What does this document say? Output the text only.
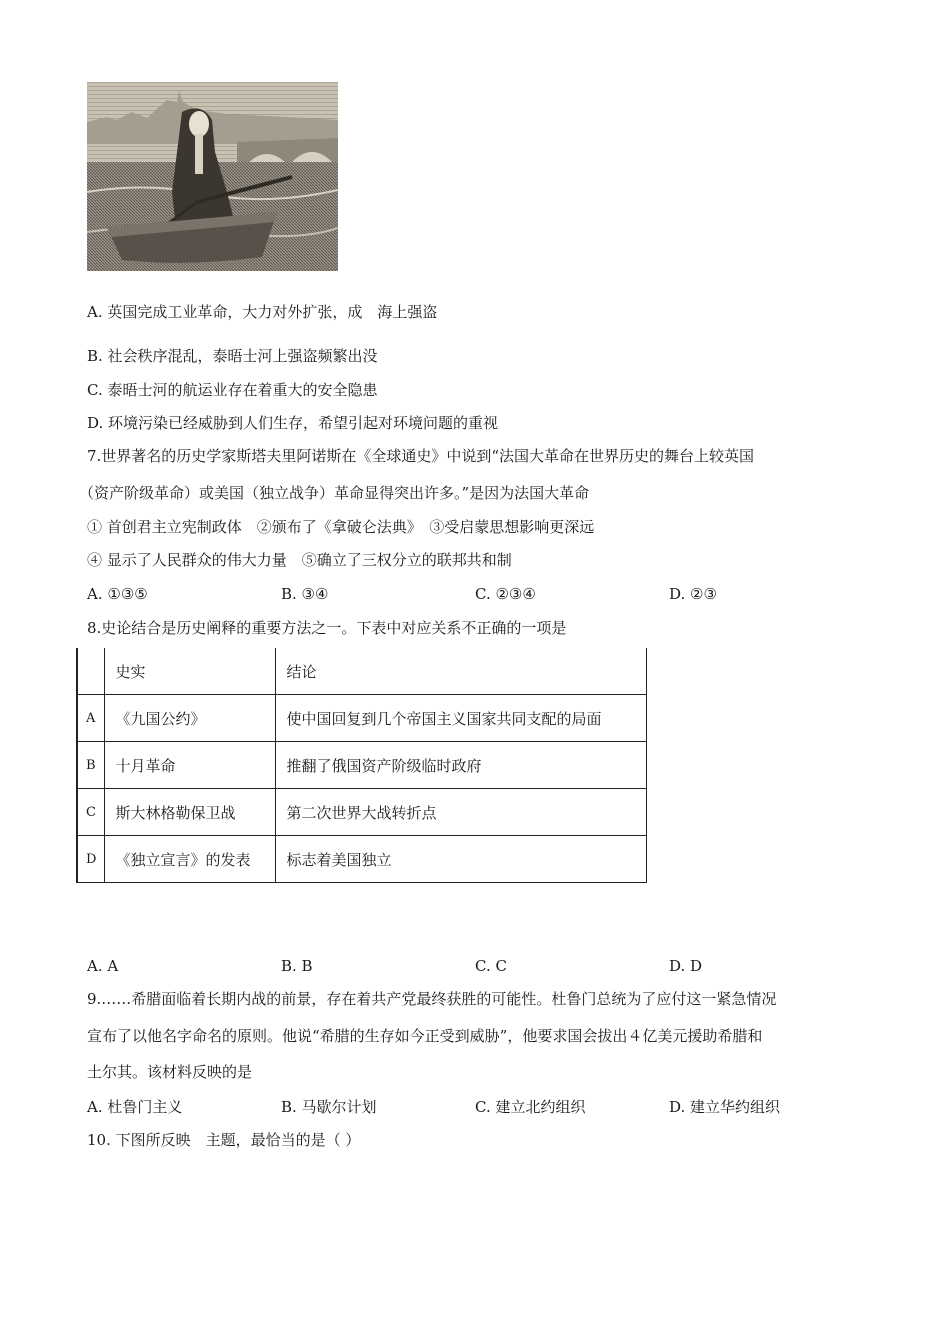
A. 英国完成工业革命，大力对外扩张，成　海上强盗
B. 社会秩序混乱，泰晤士河上强盗频繁出没
C. 泰晤士河的航运业存在着重大的安全隐患
D. 环境污染已经威胁到人们生存，希望引起对环境问题的重视
7.世界著名的历史学家斯塔夫里阿诺斯在《全球通史》中说到“法国大革命在世界历史的舞台上较英国
（资产阶级革命）或美国（独立战争）革命显得突出许多。”是因为法国大革命
① 首创君主立宪制政体　②颁布了《拿破仑法典》　③受启蒙思想影响更深远
④ 显示了人民群众的伟大力量　⑤确立了三权分立的联邦共和制
A. ①③⑤	B. ③④	C. ②③④	D. ②③
8.史论结合是历史阐释的重要方法之一。下表中对应关系不正确的一项是
	史实	结论
A	《九国公约》	使中国回复到几个帝国主义国家共同支配的局面
B	十月革命	推翻了俄国资产阶级临时政府
C	斯大林格勒保卫战	第二次世界大战转折点
D	《独立宣言》的发表	标志着美国独立
A. A	B. B	C. C	D. D
9.……希腊面临着长期内战的前景，存在着共产党最终获胜的可能性。杜鲁门总统为了应付这一紧急情况
宣布了以他名字命名的原则。他说“希腊的生存如今正受到威胁”，他要求国会拔出４亿美元援助希腊和
土尔其。该材料反映的是
A. 杜鲁门主义	B. 马歇尔计划	C. 建立北约组织	D. 建立华约组织
10. 下图所反映　主题，最恰当的是（ ）
